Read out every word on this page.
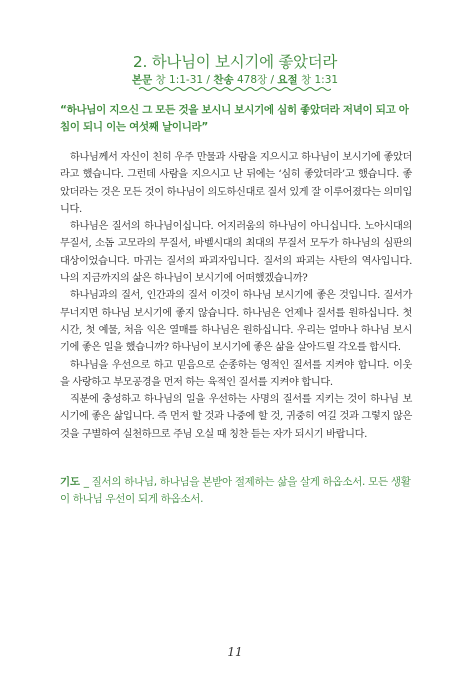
2. 하나님이 보시기에 좋았더라
본문 창 1:1-31 / 찬송 478장 / 요절 창 1:31
“하나님이 지으신 그 모든 것을 보시니 보시기에 심히 좋았더라 저녁이 되고 아침이 되니 이는 여섯째 날이니라”

하나님께서 자신이 친히 우주 만물과 사람을 지으시고 하나님이 보시기에 좋았더라고 했습니다. 그런데 사람을 지으시고 난 뒤에는 ‘심히 좋았더라’고 했습니다. 좋았더라는 것은 모든 것이 하나님이 의도하신대로 질서 있게 잘 이루어졌다는 의미입니다.

하나님은 질서의 하나님이십니다. 어지러움의 하나님이 아니십니다. 노아시대의 무질서, 소돔 고모라의 무질서, 바벨시대의 최대의 무질서 모두가 하나님의 심판의 대상이었습니다. 마귀는 질서의 파괴자입니다. 질서의 파괴는 사탄의 역사입니다. 나의 지금까지의 삶은 하나님이 보시기에 어떠했겠습니까?

하나님과의 질서, 인간과의 질서 이것이 하나님 보시기에 좋은 것입니다. 질서가 무너지면 하나님 보시기에 좋지 않습니다. 하나님은 언제나 질서를 원하십니다. 첫 시간, 첫 예물, 처음 익은 열매를 하나님은 원하십니다. 우리는 얼마나 하나님 보시기에 좋은 일을 했습니까? 하나님이 보시기에 좋은 삶을 살아드릴 각오를 합시다.

하나님을 우선으로 하고 믿음으로 순종하는 영적인 질서를 지켜야 합니다. 이웃을 사랑하고 부모공경을 먼저 하는 육적인 질서를 지켜야 합니다.

직분에 충성하고 하나님의 일을 우선하는 사명의 질서를 지키는 것이 하나님 보시기에 좋은 삶입니다. 즉 먼저 할 것과 나중에 할 것, 귀중히 여길 것과 그렇지 않은 것을 구별하여 실천하므로 주님 오실 때 칭찬 듣는 자가 되시기 바랍니다.

기도 _ 질서의 하나님, 하나님을 본받아 절제하는 삶을 살게 하옵소서. 모든 생활이 하나님 우선이 되게 하옵소서.
11
